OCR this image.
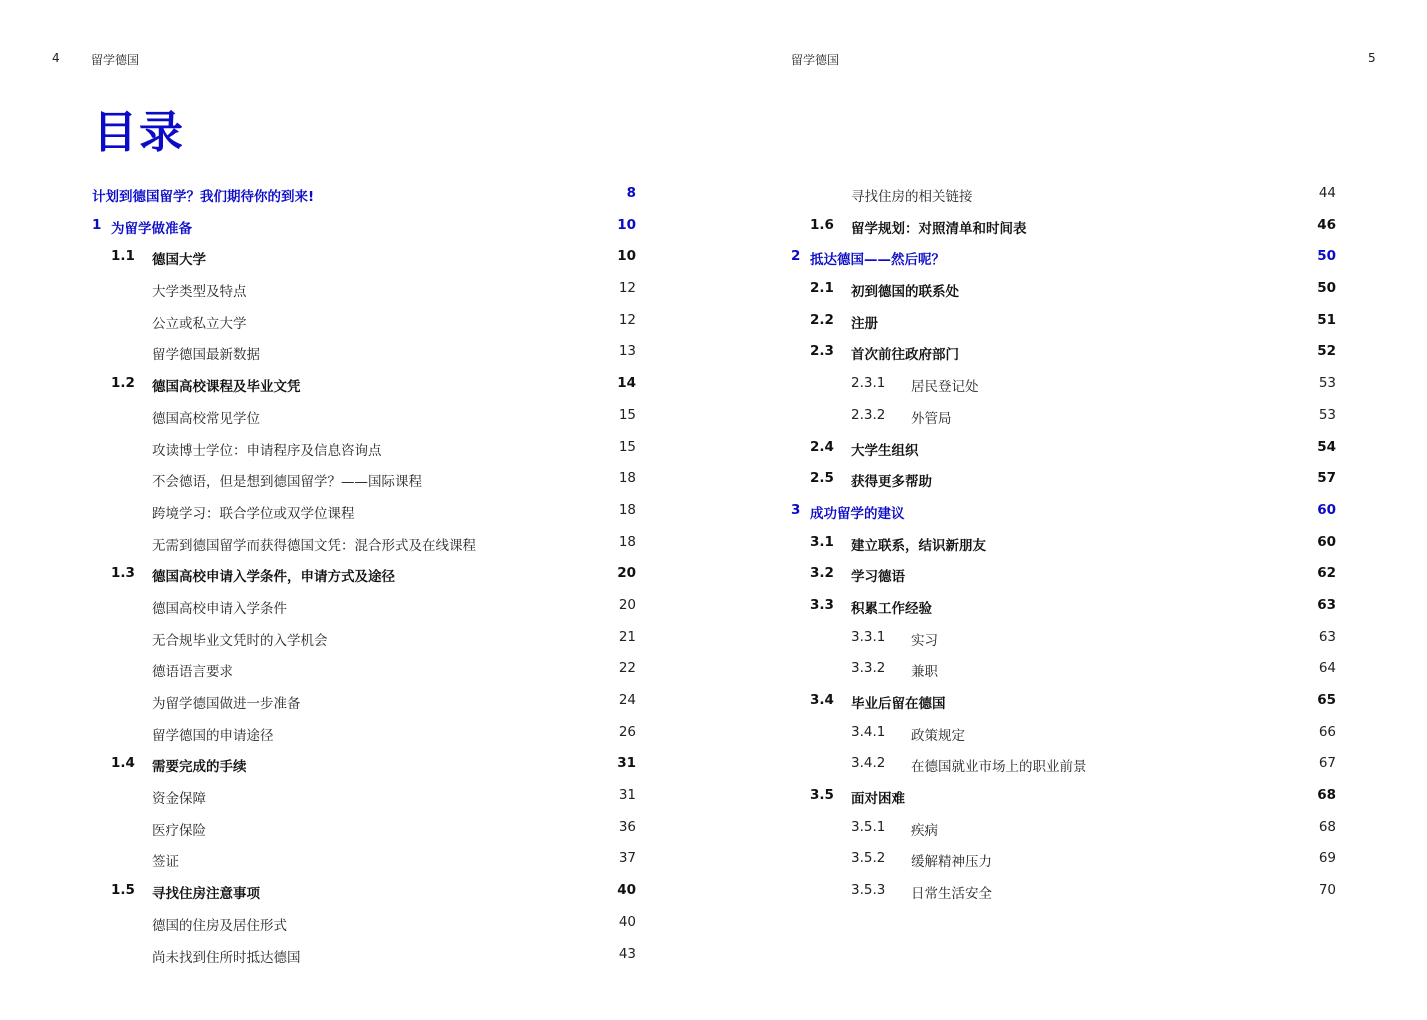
4	留学德国	留学德国	5
目录
计划到德国留学？我们期待你的到来!	8
1 为留学做准备	10
1.1 德国大学	10
大学类型及特点	12
公立或私立大学	12
留学德国最新数据	13
1.2 德国高校课程及毕业文凭	14
德国高校常见学位	15
攻读博士学位：申请程序及信息咨询点	15
不会德语，但是想到德国留学？——国际课程	18
跨境学习：联合学位或双学位课程	18
无需到德国留学而获得德国文凭：混合形式及在线课程	18
1.3 德国高校申请入学条件，申请方式及途径	20
德国高校申请入学条件	20
无合规毕业文凭时的入学机会	21
德语语言要求	22
为留学德国做进一步准备	24
留学德国的申请途径	26
1.4 需要完成的手续	31
资金保障	31
医疗保险	36
签证	37
1.5 寻找住房注意事项	40
德国的住房及居住形式	40
尚未找到住所时抵达德国	43
寻找住房的相关链接	44
1.6 留学规划：对照清单和时间表	46
2 抵达德国——然后呢？	50
2.1 初到德国的联系处	50
2.2 注册	51
2.3 首次前往政府部门	52
2.3.1 居民登记处	53
2.3.2 外管局	53
2.4 大学生组织	54
2.5 获得更多帮助	57
3 成功留学的建议	60
3.1 建立联系，结识新朋友	60
3.2 学习德语	62
3.3 积累工作经验	63
3.3.1 实习	63
3.3.2 兼职	64
3.4 毕业后留在德国	65
3.4.1 政策规定	66
3.4.2 在德国就业市场上的职业前景	67
3.5 面对困难	68
3.5.1 疾病	68
3.5.2 缓解精神压力	69
3.5.3 日常生活安全	70
